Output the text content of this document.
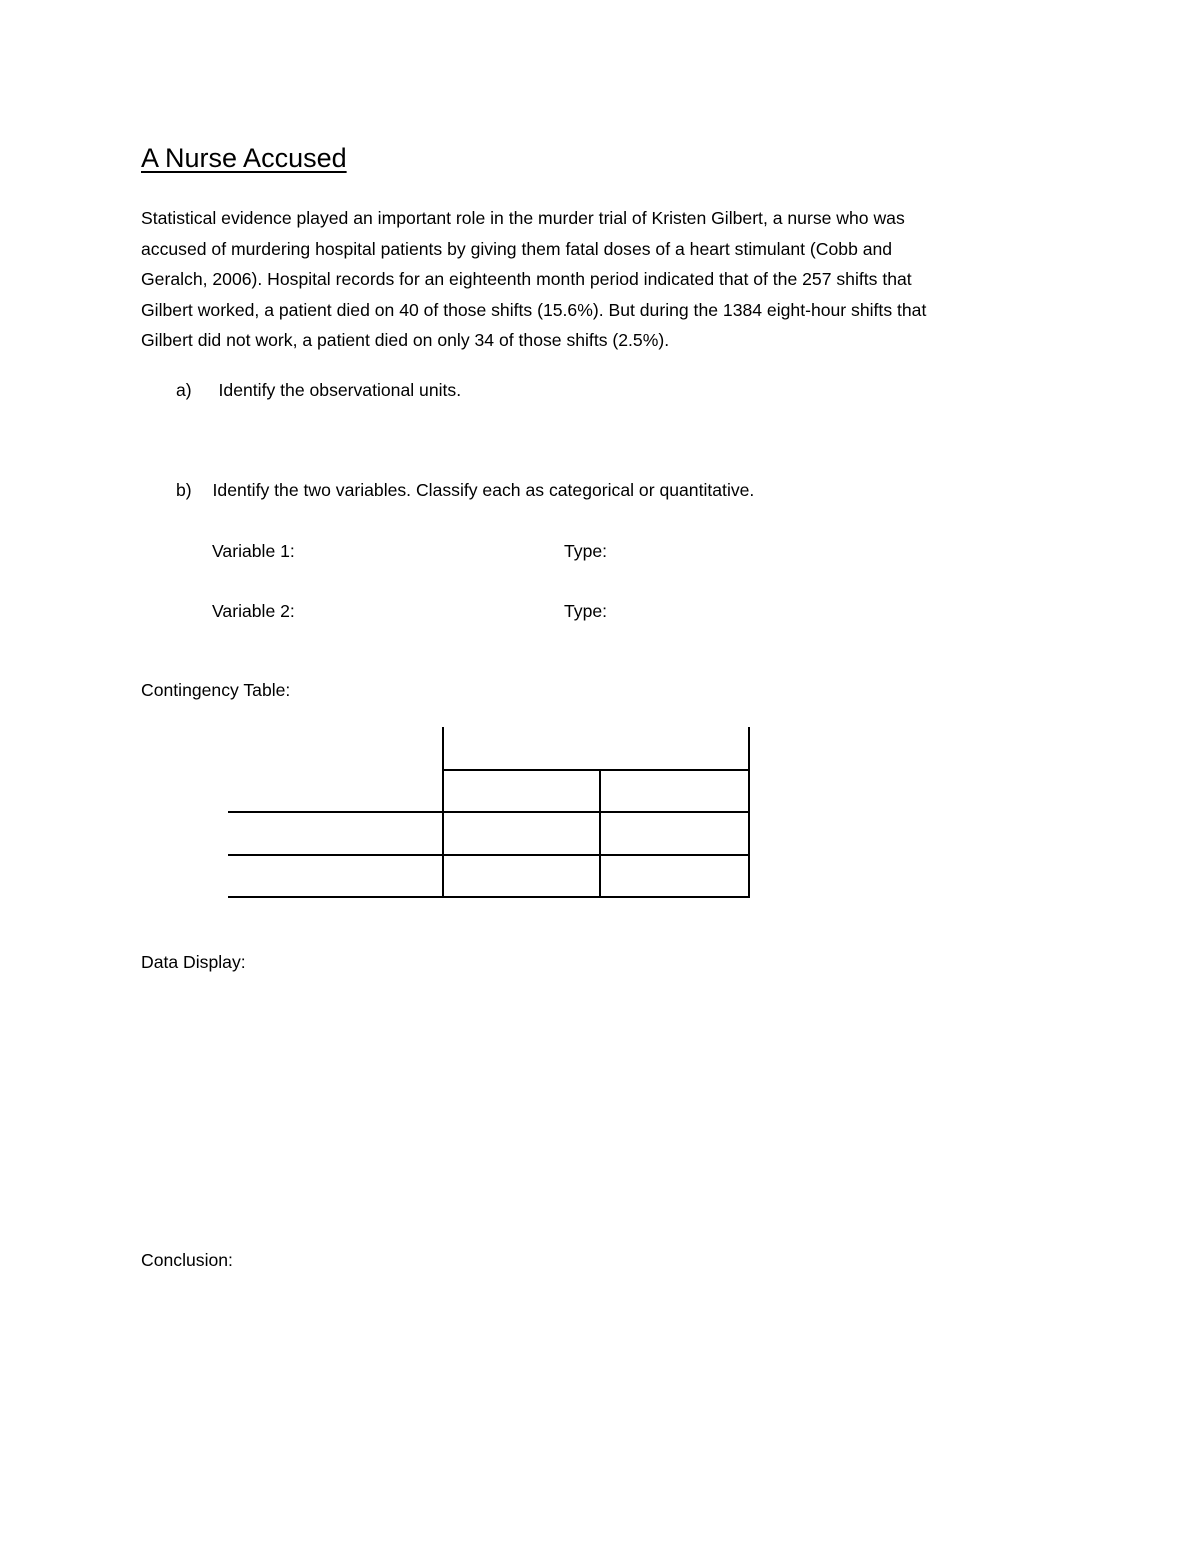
A Nurse Accused
Statistical evidence played an important role in the murder trial of Kristen Gilbert, a nurse who was
accused of murdering hospital patients by giving them fatal doses of a heart stimulant (Cobb and
Geralch, 2006). Hospital records for an eighteenth month period indicated that of the 257 shifts that
Gilbert worked, a patient died on 40 of those shifts (15.6%). But during the 1384 eight-hour shifts that
Gilbert did not work, a patient died on only 34 of those shifts (2.5%).
a) Identify the observational units.
b) Identify the two variables. Classify each as categorical or quantitative.
Variable 1:	Type:
Variable 2:	Type:
Contingency Table:
Data Display:
Conclusion:
